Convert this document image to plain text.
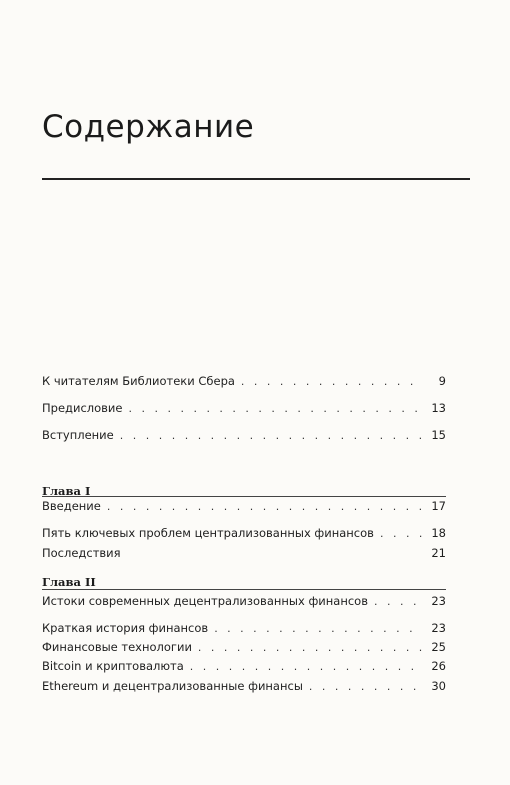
Содержание
К читателям Библиотеки Сбера . . .	9
Предисловие . . .	13
Вступление . . .	15
Глава I
Введение . . .	17
Пять ключевых проблем централизованных финансов . . .	18
Последствия	21
Глава II
Истоки современных децентрализованных финансов . . .	23
Краткая история финансов . . .	23
Финансовые технологии . . .	25
Bitcoin и криптовалюта . . .	26
Ethereum и децентрализованные финансы . . .	30
